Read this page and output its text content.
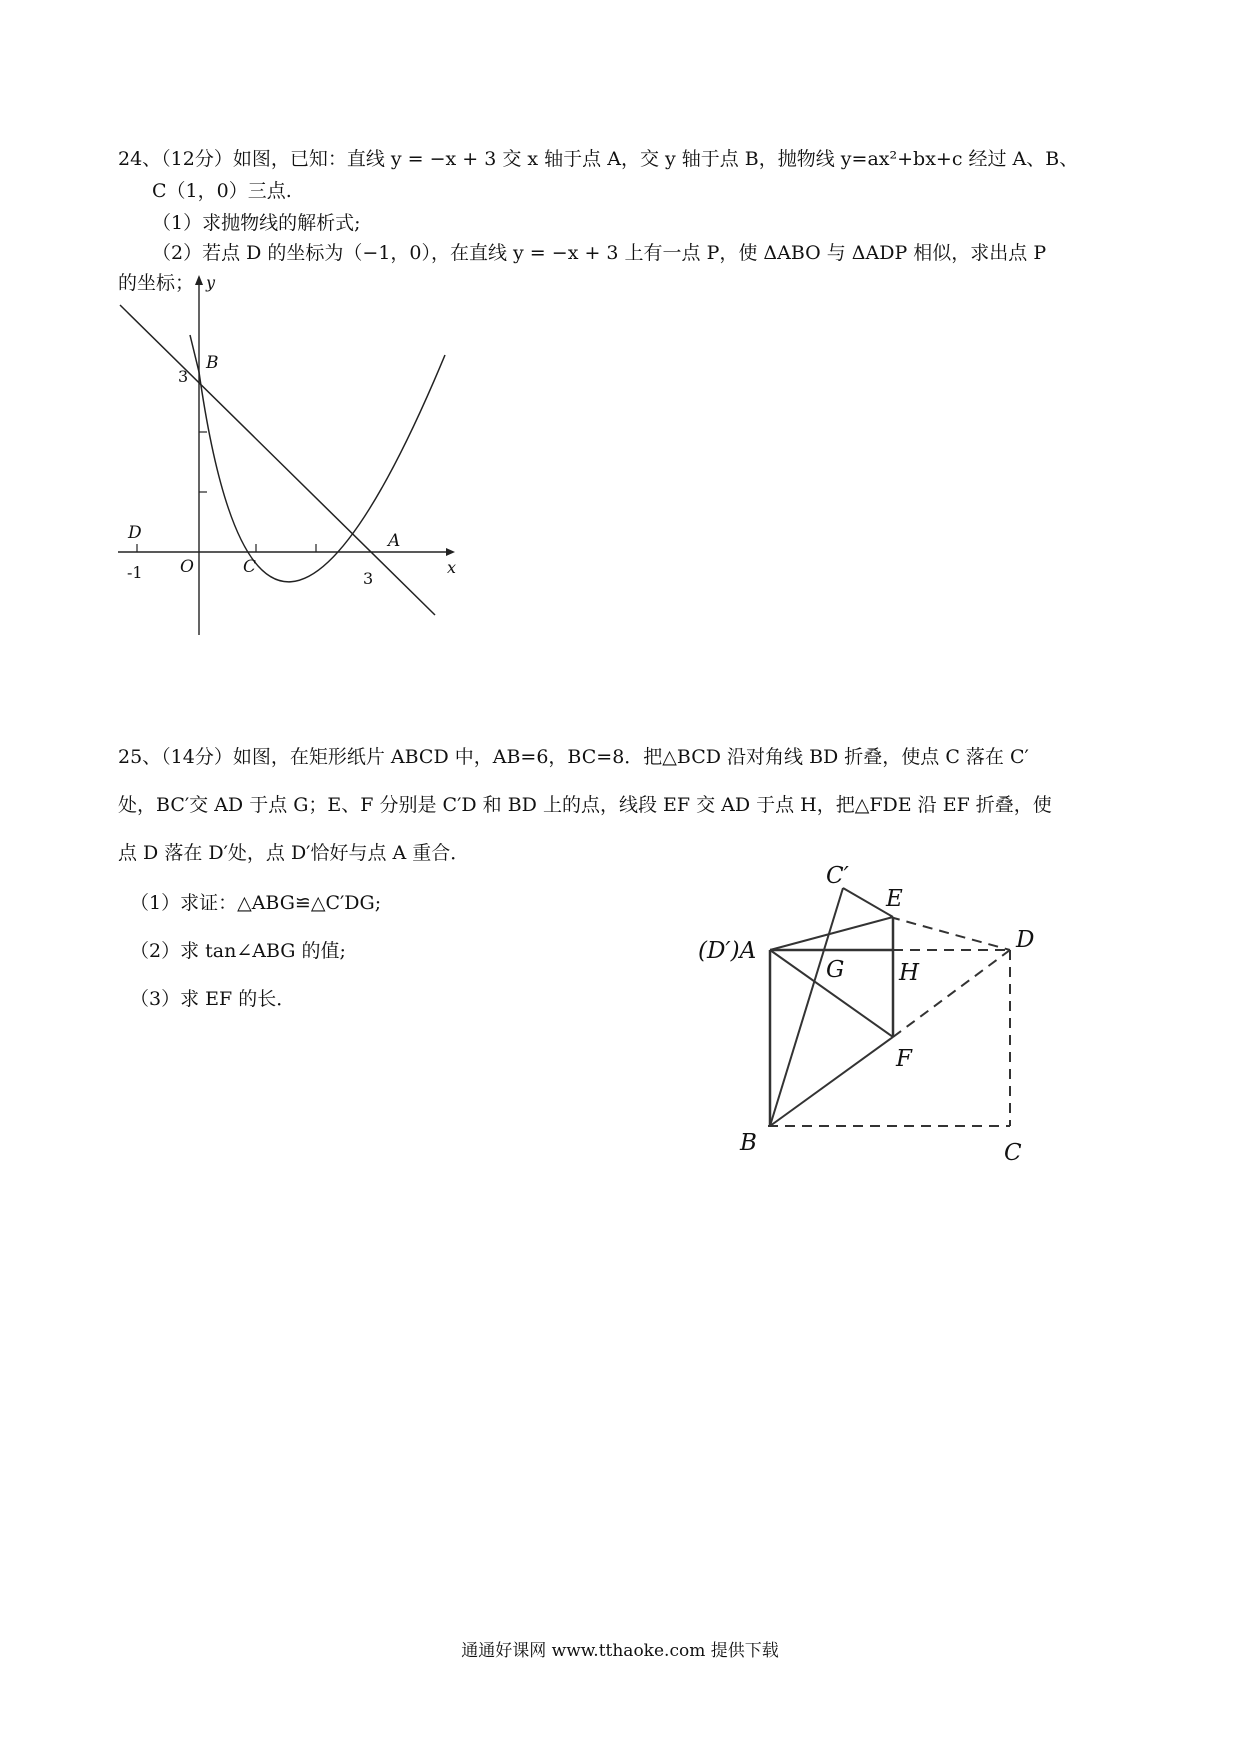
24、（12分）如图，已知：直线 y = −x + 3 交 x 轴于点 A，交 y 轴于点 B，抛物线 y=ax²+bx+c 经过 A、B、
C（1，0）三点.
（1）求抛物线的解析式;
（2）若点 D 的坐标为（−1，0），在直线 y = −x + 3 上有一点 P，使 ΔABO 与 ΔADP 相似，求出点 P
的坐标； y
x
B
A
C
D
O
3
3
-1
25、（14分）如图，在矩形纸片 ABCD 中，AB=6，BC=8．把△BCD 沿对角线 BD 折叠，使点 C 落在 C′
处，BC′交 AD 于点 G；E、F 分别是 C′D 和 BD 上的点，线段 EF 交 AD 于点 H，把△FDE 沿 EF 折叠，使
点 D 落在 D′处，点 D′恰好与点 A 重合．
（1）求证：△ABG≌△C′DG;
（2）求 tan∠ABG 的值;
（3）求 EF 的长．
C′
E
(D′)A
G H
D
F
B	C
通通好课网 www.tthaoke.com 提供下载
